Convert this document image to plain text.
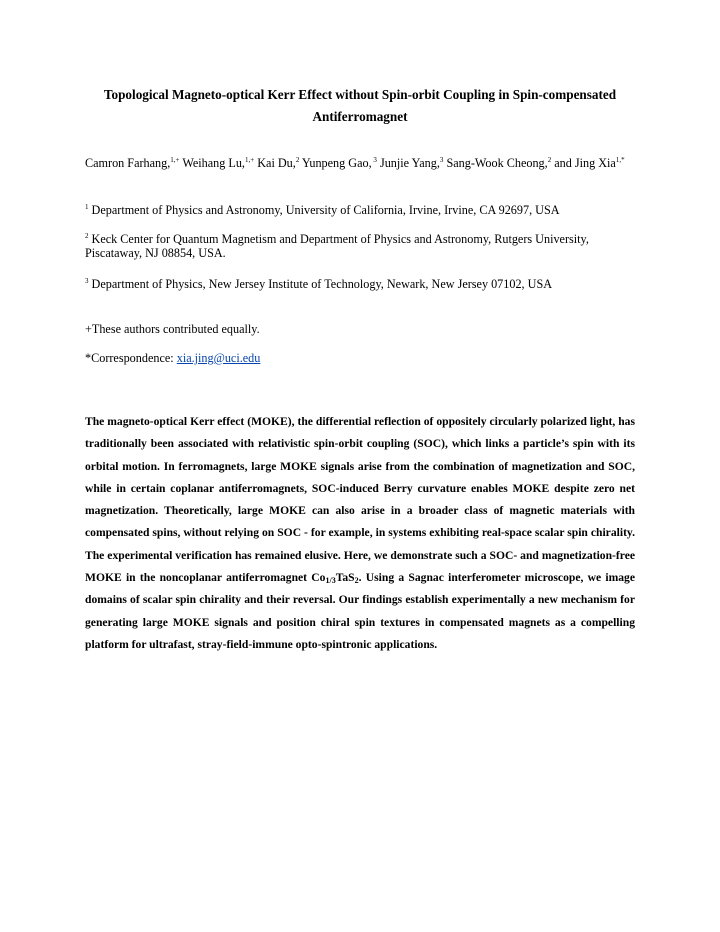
Topological Magneto-optical Kerr Effect without Spin-orbit Coupling in Spin-compensated Antiferromagnet
Camron Farhang,$^{1,+}$ Weihang Lu,$^{1,+}$ Kai Du,$^2$ Yunpeng Gao, $^3$ Junjie Yang,$^3$ Sang-Wook Cheong,$^2$ and Jing Xia$^{1,*}$
$^1$ Department of Physics and Astronomy, University of California, Irvine, Irvine, CA 92697, USA
$^2$ Keck Center for Quantum Magnetism and Department of Physics and Astronomy, Rutgers University, Piscataway, NJ 08854, USA.
$^3$ Department of Physics, New Jersey Institute of Technology, Newark, New Jersey 07102, USA
+These authors contributed equally.
*Correspondence: xia.jing@uci.edu
The magneto-optical Kerr effect (MOKE), the differential reflection of oppositely circularly polarized light, has traditionally been associated with relativistic spin-orbit coupling (SOC), which links a particle’s spin with its orbital motion. In ferromagnets, large MOKE signals arise from the combination of magnetization and SOC, while in certain coplanar antiferromagnets, SOC-induced Berry curvature enables MOKE despite zero net magnetization. Theoretically, large MOKE can also arise in a broader class of magnetic materials with compensated spins, without relying on SOC - for example, in systems exhibiting real-space scalar spin chirality. The experimental verification has remained elusive. Here, we demonstrate such a SOC- and magnetization-free MOKE in the noncoplanar antiferromagnet $Co_{1/3}TaS_2$. Using a Sagnac interferometer microscope, we image domains of scalar spin chirality and their reversal. Our findings establish experimentally a new mechanism for generating large MOKE signals and position chiral spin textures in compensated magnets as a compelling platform for ultrafast, stray-field-immune opto-spintronic applications.
